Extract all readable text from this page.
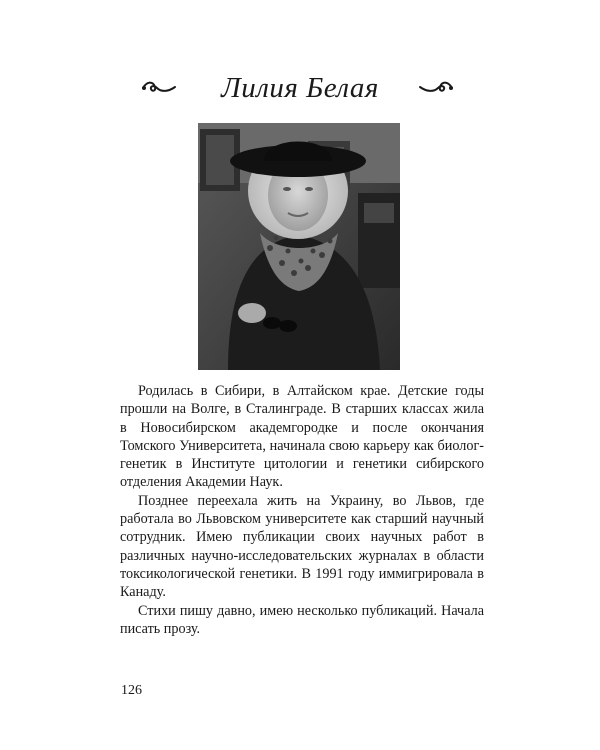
Лилия Белая

Родилась в Сибири, в Алтайском крае. Детские годы прошли на Волге, в Сталинграде. В старших классах жила в Новосибирском академгородке и после окончания Томского Университета, начинала свою карьеру как биолог-генетик в Институте цитологии и генетики сибирского отделения Академии Наук.

Позднее переехала жить на Украину, во Львов, где работала во Львовском университете как старший научный сотрудник. Имею публикации своих научных работ в различных научно-исследовательских журналах в области токсикологической генетики. В 1991 году иммигрировала в Канаду.

Стихи пишу давно, имею несколько публикаций. Начала писать прозу.

126
